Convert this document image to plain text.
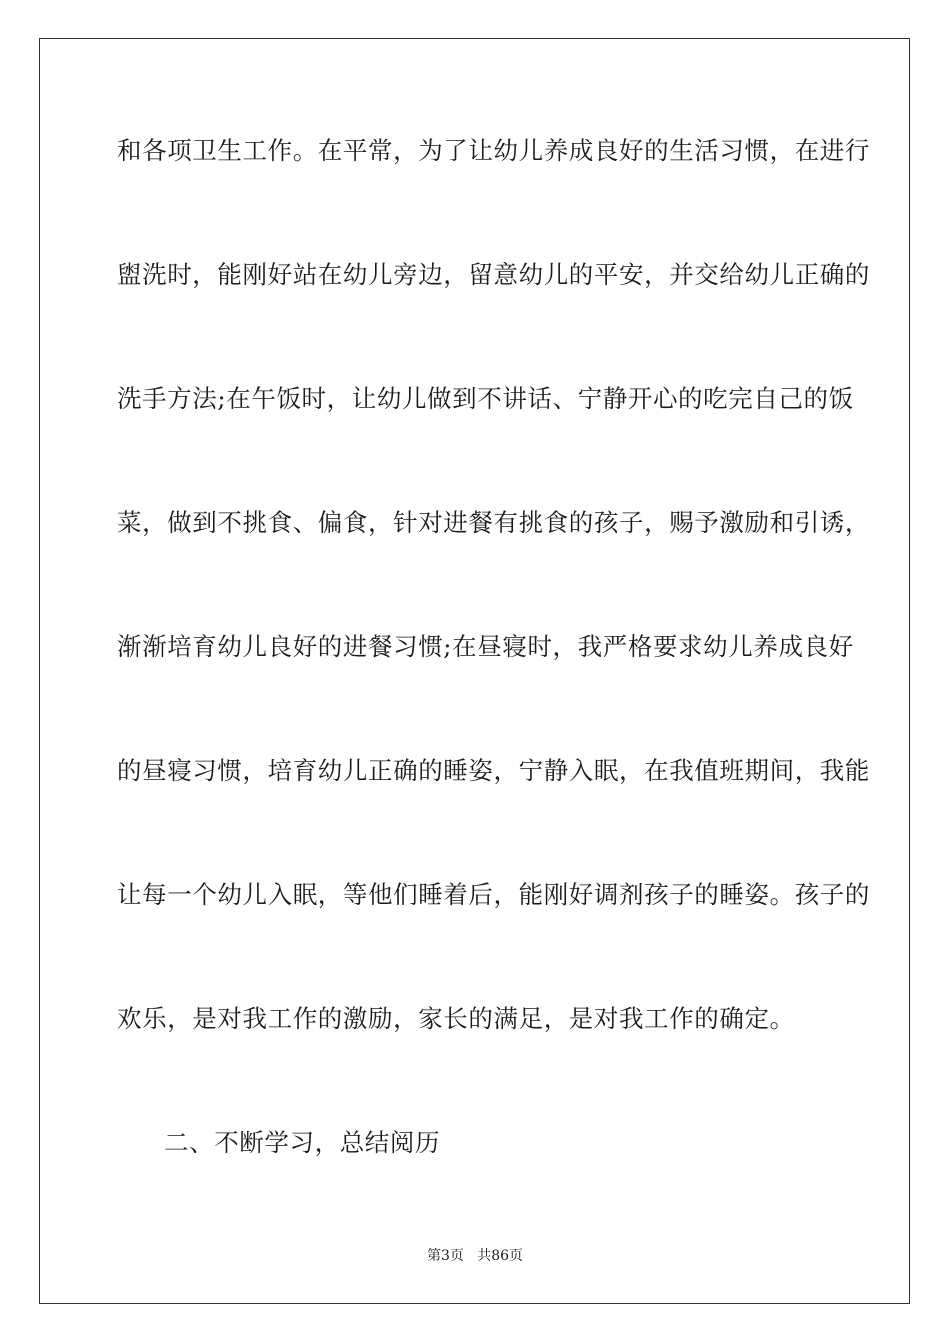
和各项卫生工作。在平常，为了让幼儿养成良好的生活习惯，在进行
盥洗时，能刚好站在幼儿旁边，留意幼儿的平安，并交给幼儿正确的
洗手方法;在午饭时，让幼儿做到不讲话、宁静开心的吃完自己的饭
菜，做到不挑食、偏食，针对进餐有挑食的孩子，赐予激励和引诱，
渐渐培育幼儿良好的进餐习惯;在昼寝时，我严格要求幼儿养成良好
的昼寝习惯，培育幼儿正确的睡姿，宁静入眠，在我值班期间，我能
让每一个幼儿入眠，等他们睡着后，能刚好调剂孩子的睡姿。孩子的
欢乐，是对我工作的激励，家长的满足，是对我工作的确定。
二、不断学习，总结阅历
第3页   共86页
